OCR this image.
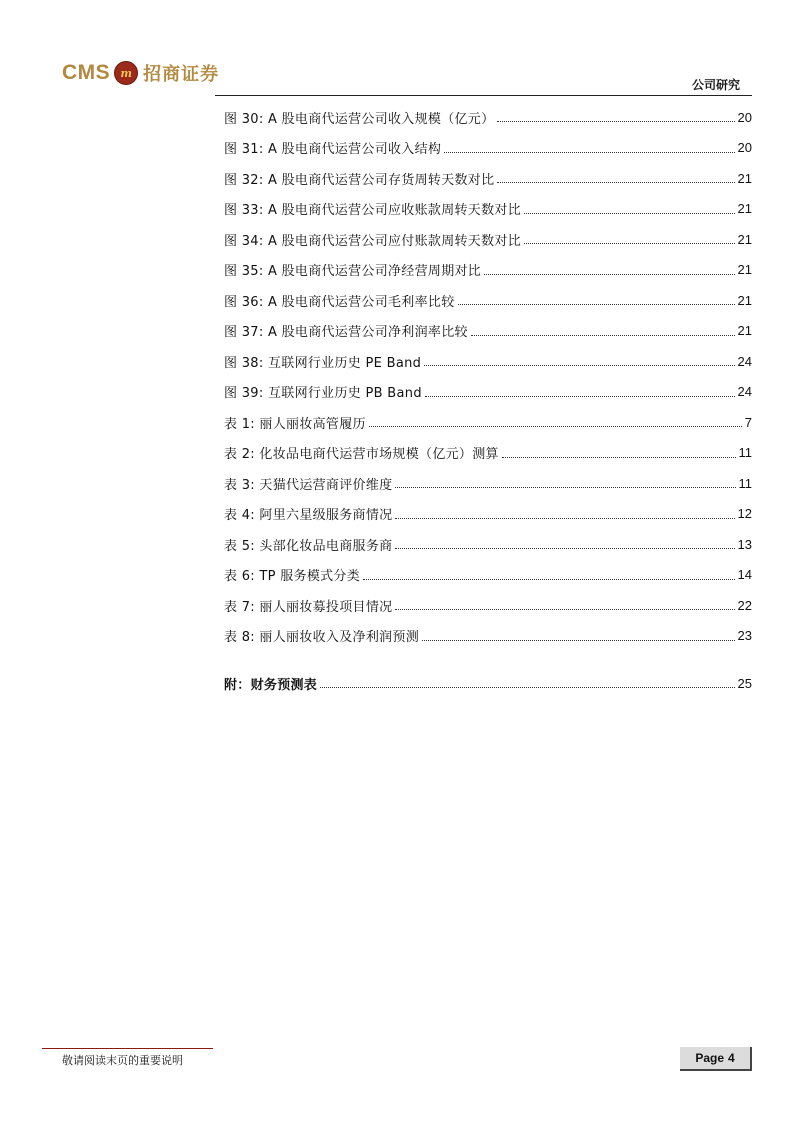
CMS m 招商证券	公司研究
图 30: A 股电商代运营公司收入规模（亿元）	20
图 31: A 股电商代运营公司收入结构	20
图 32: A 股电商代运营公司存货周转天数对比	21
图 33: A 股电商代运营公司应收账款周转天数对比	21
图 34: A 股电商代运营公司应付账款周转天数对比	21
图 35: A 股电商代运营公司净经营周期对比	21
图 36: A 股电商代运营公司毛利率比较	21
图 37: A 股电商代运营公司净利润率比较	21
图 38: 互联网行业历史 PE Band	24
图 39: 互联网行业历史 PB Band	24
表 1: 丽人丽妆高管履历	7
表 2: 化妆品电商代运营市场规模（亿元）测算	11
表 3: 天猫代运营商评价维度	11
表 4: 阿里六星级服务商情况	12
表 5: 头部化妆品电商服务商	13
表 6: TP 服务模式分类	14
表 7: 丽人丽妆募投项目情况	22
表 8: 丽人丽妆收入及净利润预测	23
附：财务预测表	25
敬请阅读末页的重要说明	Page 4
